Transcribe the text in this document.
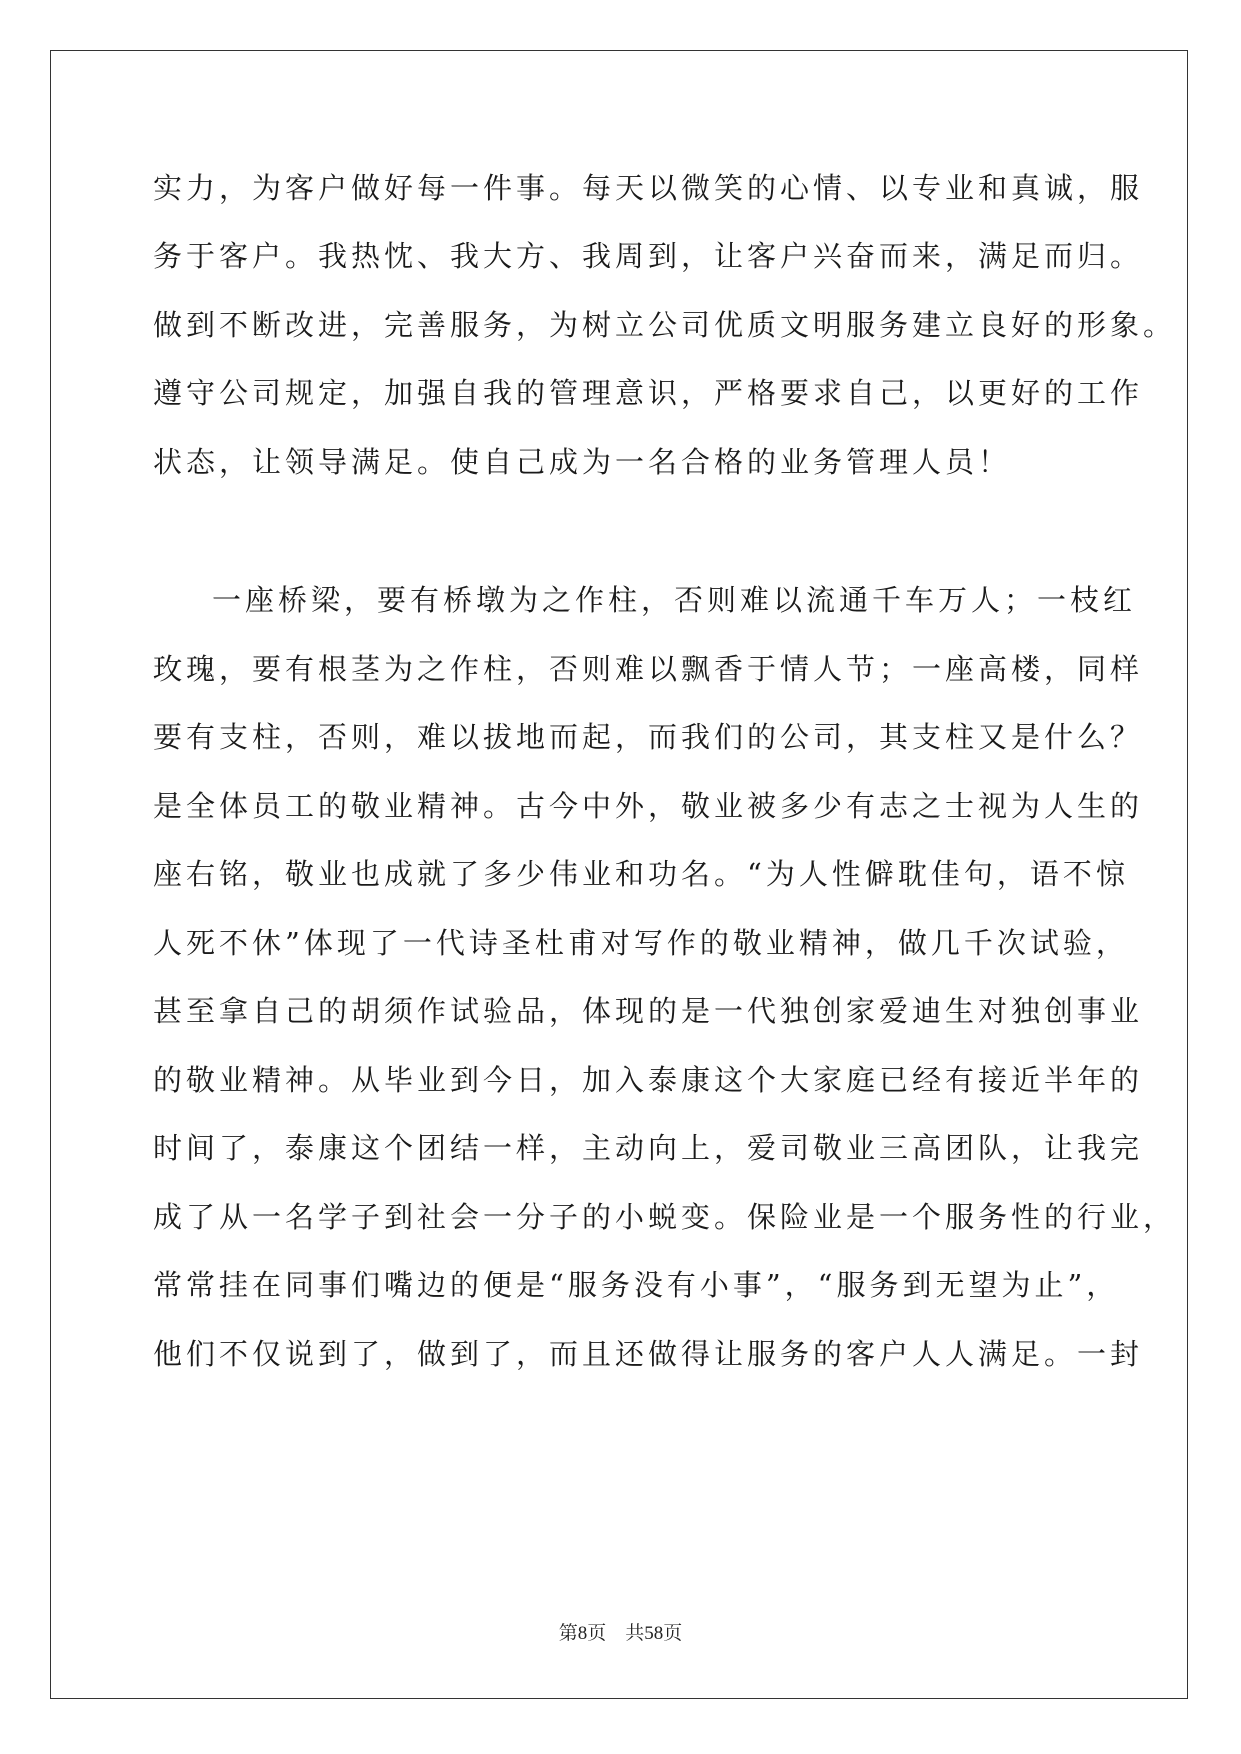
实力，为客户做好每一件事。每天以微笑的心情、以专业和真诚，服
务于客户。我热忱、我大方、我周到，让客户兴奋而来，满足而归。
做到不断改进，完善服务，为树立公司优质文明服务建立良好的形象。
遵守公司规定，加强自我的管理意识，严格要求自己，以更好的工作
状态，让领导满足。使自己成为一名合格的业务管理人员！
一座桥梁，要有桥墩为之作柱，否则难以流通千车万人；一枝红
玫瑰，要有根茎为之作柱，否则难以飘香于情人节；一座高楼，同样
要有支柱，否则，难以拔地而起，而我们的公司，其支柱又是什么？
是全体员工的敬业精神。古今中外，敬业被多少有志之士视为人生的
座右铭，敬业也成就了多少伟业和功名。“为人性僻耽佳句，语不惊
人死不休”体现了一代诗圣杜甫对写作的敬业精神，做几千次试验，
甚至拿自己的胡须作试验品，体现的是一代独创家爱迪生对独创事业
的敬业精神。从毕业到今日，加入泰康这个大家庭已经有接近半年的
时间了，泰康这个团结一样，主动向上，爱司敬业三高团队，让我完
成了从一名学子到社会一分子的小蜕变。保险业是一个服务性的行业，
常常挂在同事们嘴边的便是“服务没有小事”，“服务到无望为止”，
他们不仅说到了，做到了，而且还做得让服务的客户人人满足。一封
第8页　共58页
